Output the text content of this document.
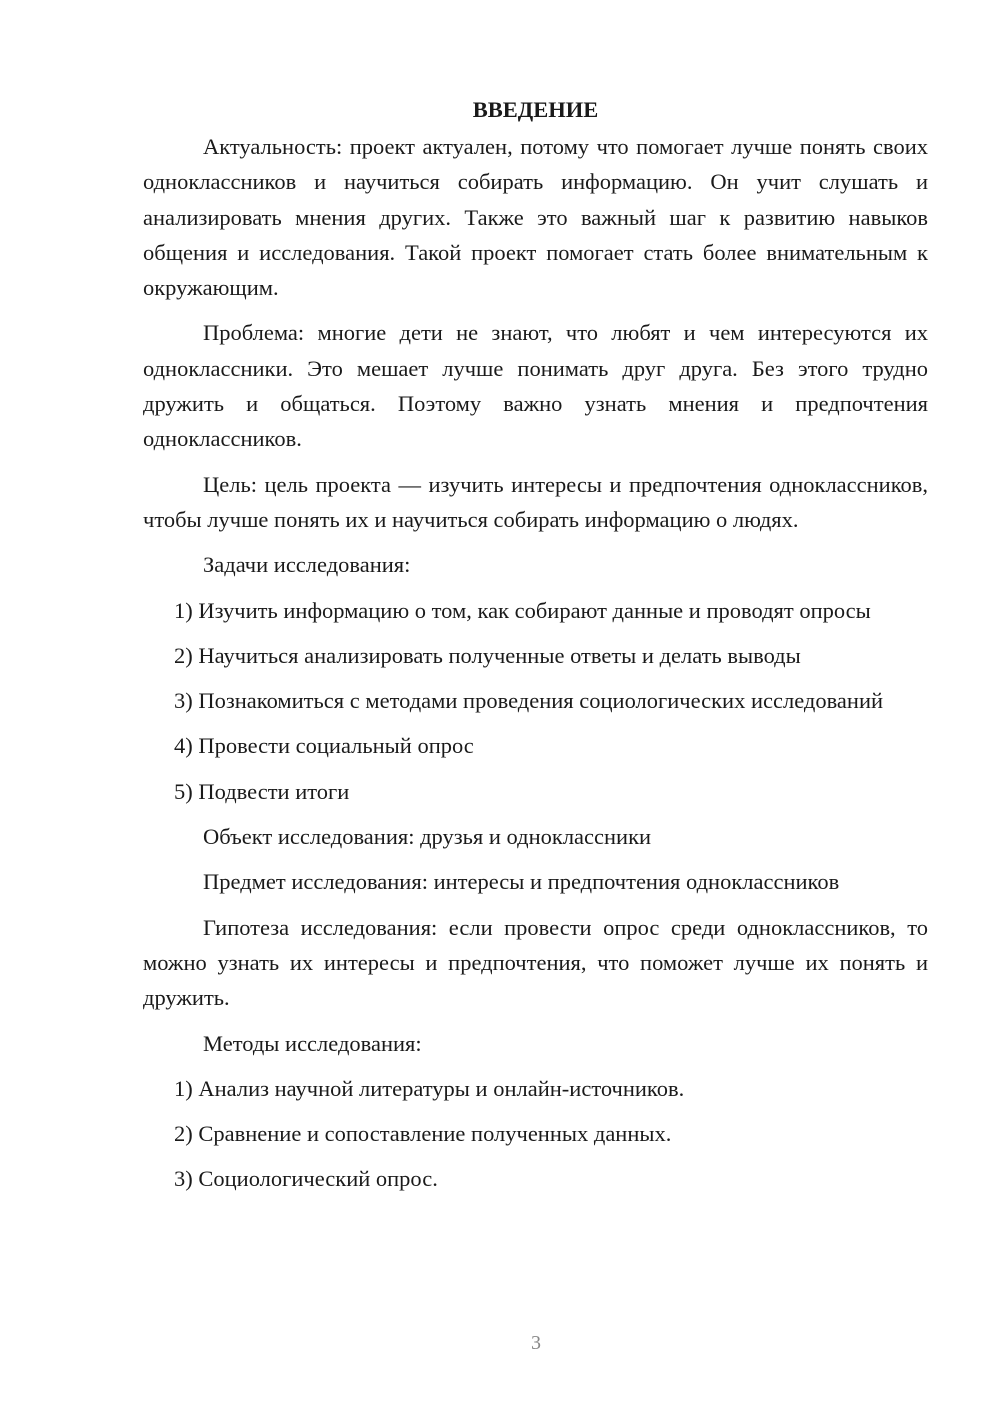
ВВЕДЕНИЕ
Актуальность: проект актуален, потому что помогает лучше понять своих одноклассников и научиться собирать информацию. Он учит слушать и анализировать мнения других. Также это важный шаг к развитию навыков общения и исследования. Такой проект помогает стать более внимательным к окружающим.
Проблема: многие дети не знают, что любят и чем интересуются их одноклассники. Это мешает лучше понимать друг друга. Без этого трудно дружить и общаться. Поэтому важно узнать мнения и предпочтения одноклассников.
Цель: цель проекта — изучить интересы и предпочтения одноклассников, чтобы лучше понять их и научиться собирать информацию о людях.
Задачи исследования:
1) Изучить информацию о том, как собирают данные и проводят опросы
2) Научиться анализировать полученные ответы и делать выводы
3) Познакомиться с методами проведения социологических исследований
4) Провести социальный опрос
5) Подвести итоги
Объект исследования: друзья и одноклассники
Предмет исследования: интересы и предпочтения одноклассников
Гипотеза исследования: если провести опрос среди одноклассников, то можно узнать их интересы и предпочтения, что поможет лучше их понять и дружить.
Методы исследования:
1) Анализ научной литературы и онлайн-источников.
2) Сравнение и сопоставление полученных данных.
3) Социологический опрос.
3
